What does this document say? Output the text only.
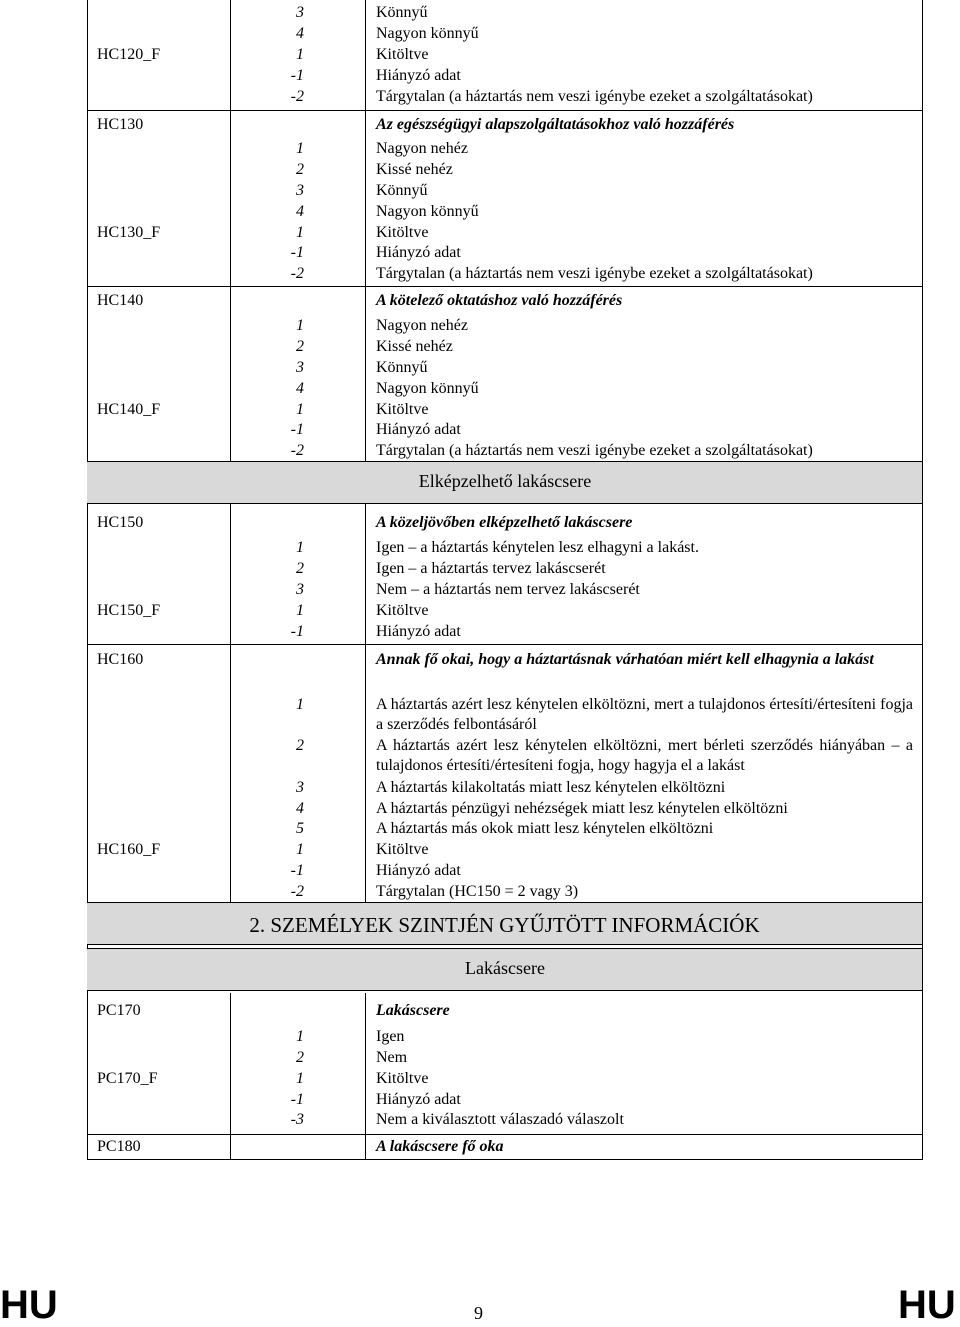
3	Könnyű
4	Nagyon könnyű
HC120_F	1	Kitöltve
-1	Hiányzó adat
-2	Tárgytalan (a háztartás nem veszi igénybe ezeket a szolgáltatásokat)
HC130	Az egészségügyi alapszolgáltatásokhoz való hozzáférés
1	Nagyon nehéz
2	Kissé nehéz
3	Könnyű
4	Nagyon könnyű
HC130_F	1	Kitöltve
-1	Hiányzó adat
-2	Tárgytalan (a háztartás nem veszi igénybe ezeket a szolgáltatásokat)
HC140	A kötelező oktatáshoz való hozzáférés
1	Nagyon nehéz
2	Kissé nehéz
3	Könnyű
4	Nagyon könnyű
HC140_F	1	Kitöltve
-1	Hiányzó adat
-2	Tárgytalan (a háztartás nem veszi igénybe ezeket a szolgáltatásokat)
Elképzelhető lakáscsere
HC150	A közeljövőben elképzelhető lakáscsere
1	Igen – a háztartás kénytelen lesz elhagyni a lakást.
2	Igen – a háztartás tervez lakáscserét
3	Nem – a háztartás nem tervez lakáscserét
HC150_F	1	Kitöltve
-1	Hiányzó adat
HC160	Annak fő okai, hogy a háztartásnak várhatóan miért kell elhagynia a lakást
1	A háztartás azért lesz kénytelen elköltözni, mert a tulajdonos értesíti/értesíteni fogja a szerződés felbontásáról
2	A háztartás azért lesz kénytelen elköltözni, mert bérleti szerződés hiányában – a tulajdonos értesíti/értesíteni fogja, hogy hagyja el a lakást
3	A háztartás kilakoltatás miatt lesz kénytelen elköltözni
4	A háztartás pénzügyi nehézségek miatt lesz kénytelen elköltözni
5	A háztartás más okok miatt lesz kénytelen elköltözni
HC160_F	1	Kitöltve
-1	Hiányzó adat
-2	Tárgytalan (HC150 = 2 vagy 3)
2. SZEMÉLYEK SZINTJÉN GYŰJTÖTT INFORMÁCIÓK
Lakáscsere
PC170	Lakáscsere
1	Igen
2	Nem
PC170_F	1	Kitöltve
-1	Hiányzó adat
-3	Nem a kiválasztott válaszadó válaszolt
PC180	A lakáscsere fő oka
HU	9	HU
